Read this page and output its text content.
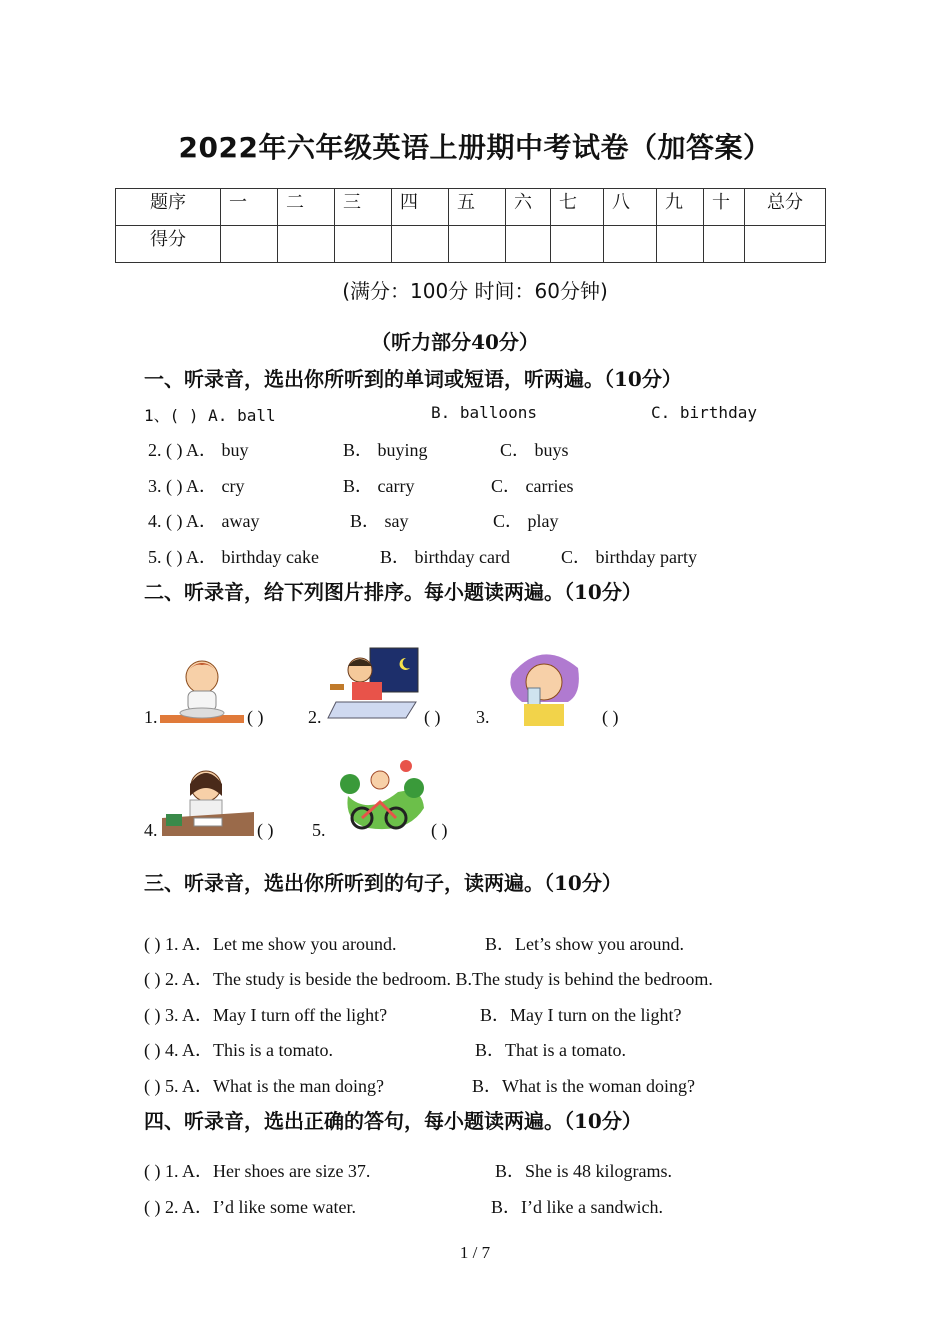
2022年六年级英语上册期中考试卷（加答案）
题序	一	二	三	四	五	六	七	八	九	十	总分
得分											
(满分：100分 时间：60分钟)
（听力部分40分）
一、听录音，选出你所听到的单词或短语，听两遍。（10分）
1、( ) A. ball	B. balloons	C. birthday
2. ( ) A． buy	B． buying	C． buys
3. ( ) A． cry	B． carry	C． carries
4. ( ) A． away	B． say	C． play
5. ( ) A． birthday cake	B． birthday card	C． birthday party
二、听录音，给下列图片排序。每小题读两遍。（10分）
1.	( ) 2.	( ) 3.	( )
4.	( ) 5.	( )
三、听录音，选出你所听到的句子，读两遍。（10分）
( ) 1. A．Let me show you around.	B．Let’s show you around.
( ) 2. A．The study is beside the bedroom. B.The study is behind the bedroom.
( ) 3. A．May I turn off the light?	B．May I turn on the light?
( ) 4. A．This is a tomato.	B．That is a tomato.
( ) 5. A．What is the man doing?	B．What is the woman doing?
四、听录音，选出正确的答句，每小题读两遍。（10分）
( ) 1. A．Her shoes are size 37.	B．She is 48 kilograms.
( ) 2. A．I’d like some water.	B．I’d like a sandwich.
1 / 7
